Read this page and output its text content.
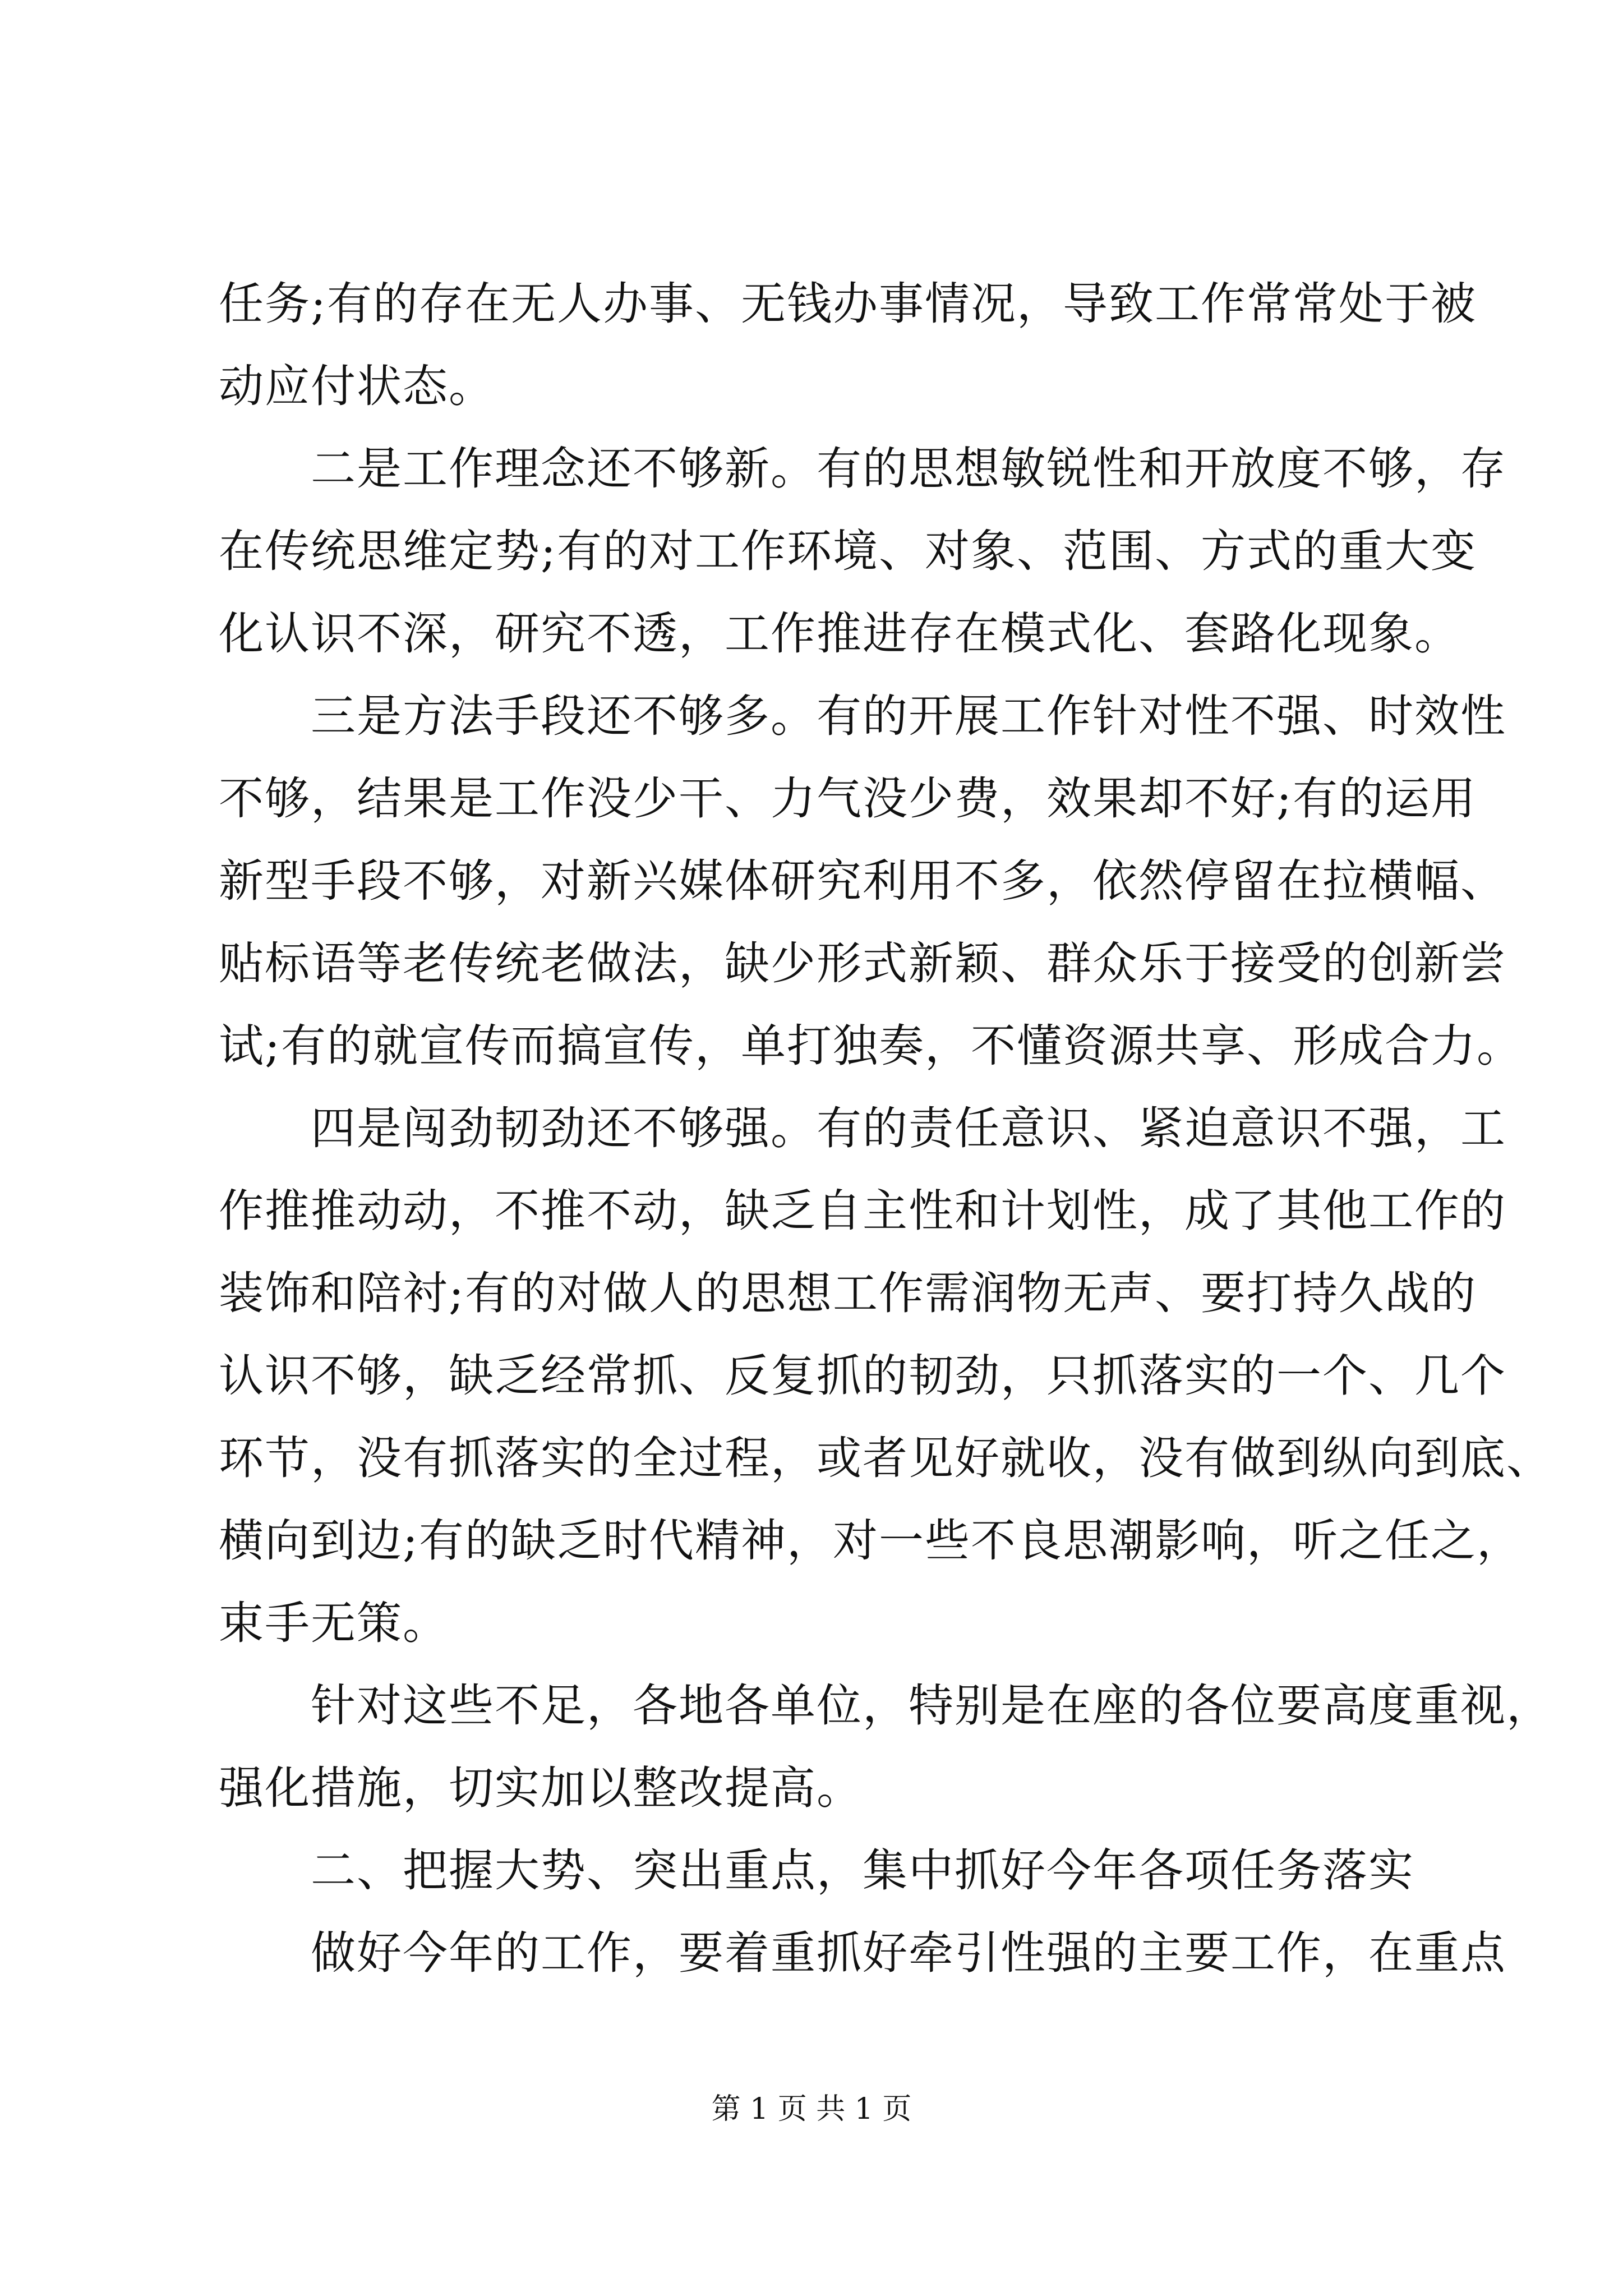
任务;有的存在无人办事、无钱办事情况，导致工作常常处于被
动应付状态。
　　二是工作理念还不够新。有的思想敏锐性和开放度不够，存
在传统思维定势;有的对工作环境、对象、范围、方式的重大变
化认识不深，研究不透，工作推进存在模式化、套路化现象。
　　三是方法手段还不够多。有的开展工作针对性不强、时效性
不够，结果是工作没少干、力气没少费，效果却不好;有的运用
新型手段不够，对新兴媒体研究利用不多，依然停留在拉横幅、
贴标语等老传统老做法，缺少形式新颖、群众乐于接受的创新尝
试;有的就宣传而搞宣传，单打独奏，不懂资源共享、形成合力。
　　四是闯劲韧劲还不够强。有的责任意识、紧迫意识不强，工
作推推动动，不推不动，缺乏自主性和计划性，成了其他工作的
装饰和陪衬;有的对做人的思想工作需润物无声、要打持久战的
认识不够，缺乏经常抓、反复抓的韧劲，只抓落实的一个、几个
环节，没有抓落实的全过程，或者见好就收，没有做到纵向到底、
横向到边;有的缺乏时代精神，对一些不良思潮影响，听之任之，
束手无策。
　　针对这些不足，各地各单位，特别是在座的各位要高度重视，
强化措施，切实加以整改提高。
　　二、把握大势、突出重点，集中抓好今年各项任务落实
　　做好今年的工作，要着重抓好牵引性强的主要工作，在重点
第 1 页 共 1 页
